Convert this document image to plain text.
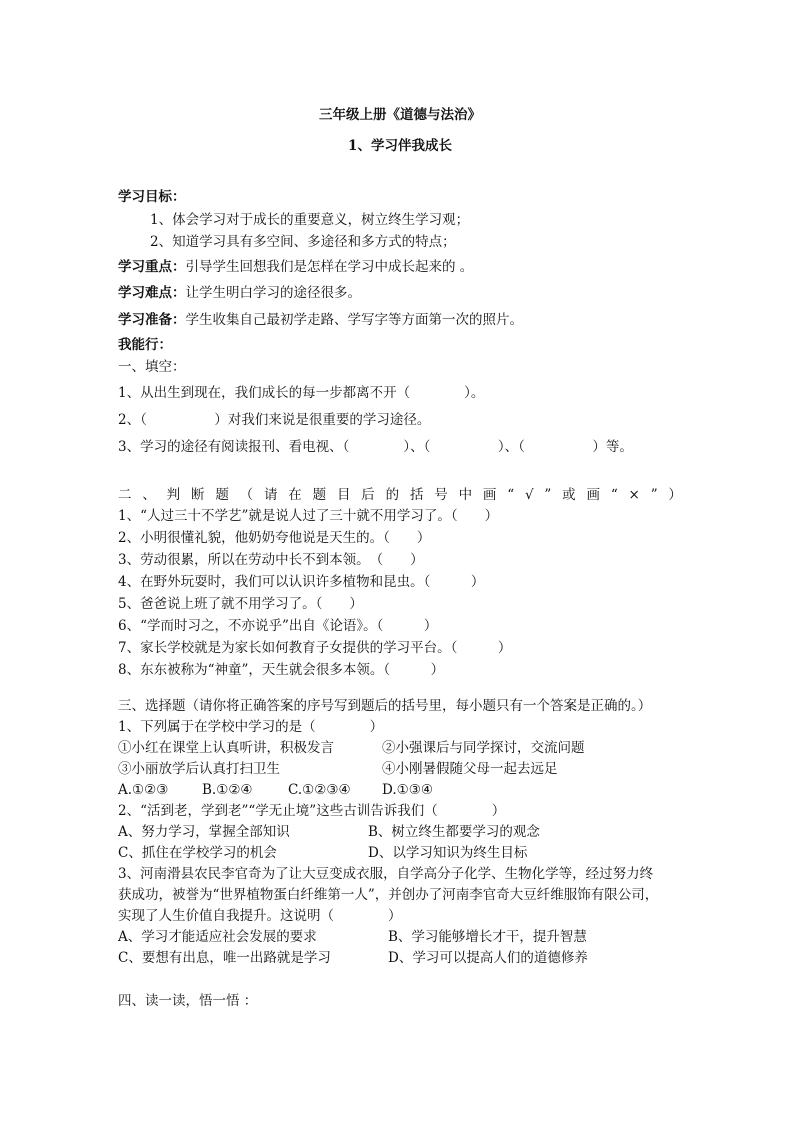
三年级上册《道德与法治》
1、学习伴我成长
学习目标：
1、体会学习对于成长的重要意义，树立终生学习观；
2、知道学习具有多空间、多途径和多方式的特点；
学习重点：引导学生回想我们是怎样在学习中成长起来的 。
学习难点：让学生明白学习的途径很多。
学习准备：学生收集自己最初学走路、学写字等方面第一次的照片。
我能行：
一、填空：
1、从出生到现在，我们成长的每一步都离不开（　　　　）。
2、（　　　　　）对我们来说是很重要的学习途径。
3、学习的途径有阅读报刊、看电视、（　　　　）、（　　　　　）、（　　　　　）等。
二 、 判 断 题 （ 请 在 题 目 后 的 括 号 中 画 “ √ ” 或 画 “ × ” ）
1、“人过三十不学艺”就是说人过了三十就不用学习了。（　　）
2、小明很懂礼貌，他奶奶夸他说是天生的。（　　）
3、劳动很累，所以在劳动中长不到本领。　（　　）
4、在野外玩耍时，我们可以认识许多植物和昆虫。（　　　）
5、爸爸说上班了就不用学习了。（　　）
6、“学而时习之，不亦说乎”出自《论语》。（　　　）
7、家长学校就是为家长如何教育子女提供的学习平台。（　　　）
8、东东被称为“神童”，天生就会很多本领。（　　　）
三、选择题（请你将正确答案的序号写到题后的括号里，每小题只有一个答案是正确的。）
1、下列属于在学校中学习的是（　　　　）
①小红在课堂上认真听讲，积极发言	②小强课后与同学探讨，交流问题
③小丽放学后认真打扫卫生	④小刚暑假随父母一起去远足
A.①②③ B.①②④	C.①②③④ D.①③④
2、“活到老，学到老”“学无止境”这些古训告诉我们（　　　　）
A、努力学习，掌握全部知识	B、树立终生都要学习的观念
C、抓住在学校学习的机会	D、以学习知识为终生目标
3、河南滑县农民李官奇为了让大豆变成衣服，自学高分子化学、生物化学等，经过努力终
获成功，被誉为“世界植物蛋白纤维第一人”，并创办了河南李官奇大豆纤维服饰有限公司，
实现了人生价值自我提升。这说明（　　　　）
A、学习才能适应社会发展的要求	B、学习能够增长才干，提升智慧
C、要想有出息，唯一出路就是学习	D、学习可以提高人们的道德修养
四、读一读，悟一悟 ：
